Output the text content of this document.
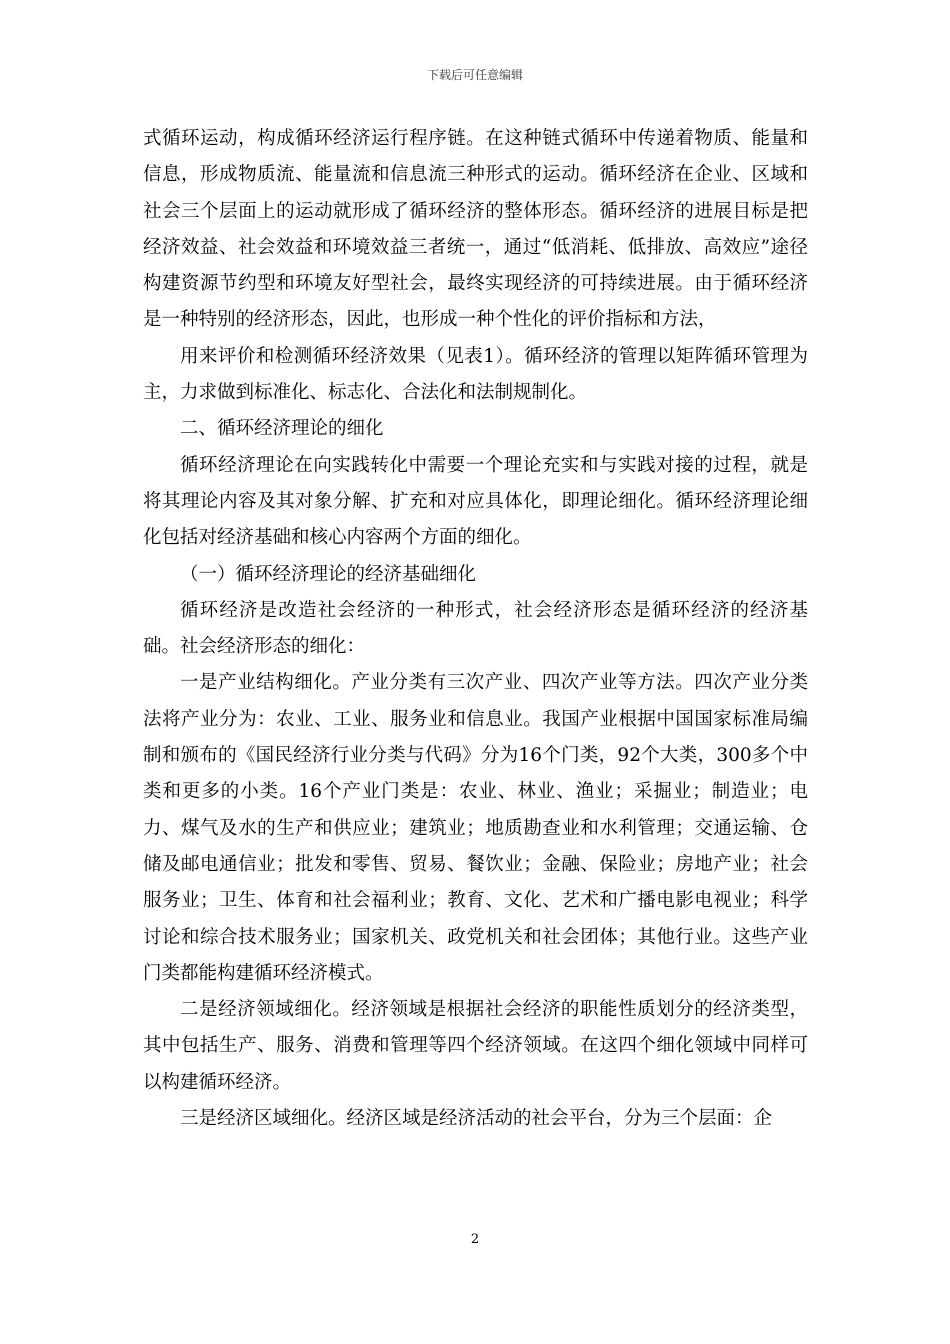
下载后可任意编辑

式循环运动，构成循环经济运行程序链。在这种链式循环中传递着物质、能量和信息，形成物质流、能量流和信息流三种形式的运动。循环经济在企业、区域和社会三个层面上的运动就形成了循环经济的整体形态。循环经济的进展目标是把经济效益、社会效益和环境效益三者统一，通过“低消耗、低排放、高效应”途径构建资源节约型和环境友好型社会，最终实现经济的可持续进展。由于循环经济是一种特别的经济形态，因此，也形成一种个性化的评价指标和方法，

用来评价和检测循环经济效果（见表1）。循环经济的管理以矩阵循环管理为主，力求做到标准化、标志化、合法化和法制规制化。

二、循环经济理论的细化

循环经济理论在向实践转化中需要一个理论充实和与实践对接的过程，就是将其理论内容及其对象分解、扩充和对应具体化，即理论细化。循环经济理论细化包括对经济基础和核心内容两个方面的细化。

（一）循环经济理论的经济基础细化

循环经济是改造社会经济的一种形式，社会经济形态是循环经济的经济基础。社会经济形态的细化：

一是产业结构细化。产业分类有三次产业、四次产业等方法。四次产业分类法将产业分为：农业、工业、服务业和信息业。我国产业根据中国国家标准局编制和颁布的《国民经济行业分类与代码》分为16个门类，92个大类，300多个中类和更多的小类。16个产业门类是：农业、林业、渔业；采掘业；制造业；电力、煤气及水的生产和供应业；建筑业；地质勘查业和水利管理；交通运输、仓储及邮电通信业；批发和零售、贸易、餐饮业；金融、保险业；房地产业；社会服务业；卫生、体育和社会福利业；教育、文化、艺术和广播电影电视业；科学讨论和综合技术服务业；国家机关、政党机关和社会团体；其他行业。这些产业门类都能构建循环经济模式。

二是经济领域细化。经济领域是根据社会经济的职能性质划分的经济类型，其中包括生产、服务、消费和管理等四个经济领域。在这四个细化领域中同样可以构建循环经济。

三是经济区域细化。经济区域是经济活动的社会平台，分为三个层面：企

2
